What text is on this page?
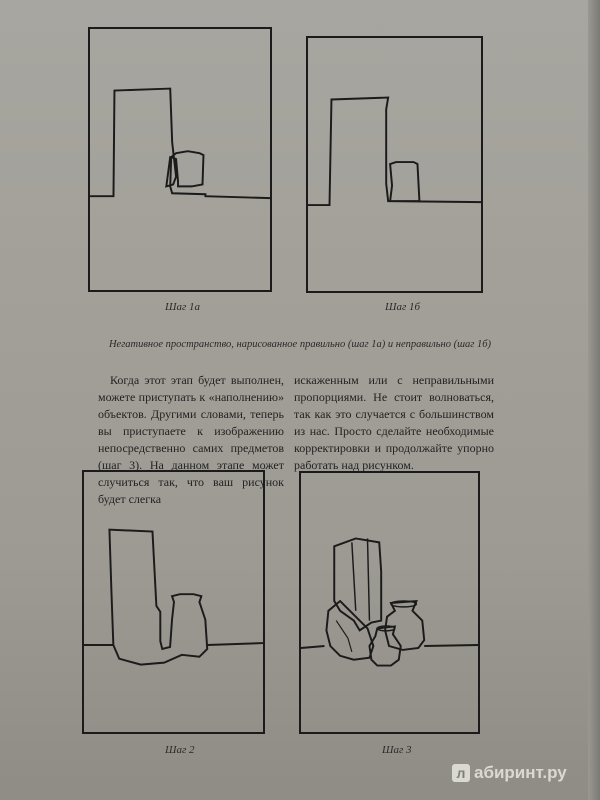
Шаг 1а	Шаг 1б
Негативное пространство, нарисованное правильно (шаг 1а) и неправильно (шаг 1б)
Когда этот этап будет выполнен, можете приступать к «наполнению» объектов. Другими словами, теперь вы приступаете к изображению непосредственно самих предметов (шаг 3). На данном этапе может случиться так, что ваш рисунок будет слегка
искаженным или с неправильными пропорциями. Не стоит волноваться, так как это случается с большинством из нас. Просто сделайте необходимые корректировки и продолжайте упорно работать над рисунком.
Шаг 2	Шаг 3
л абиринт.ру
